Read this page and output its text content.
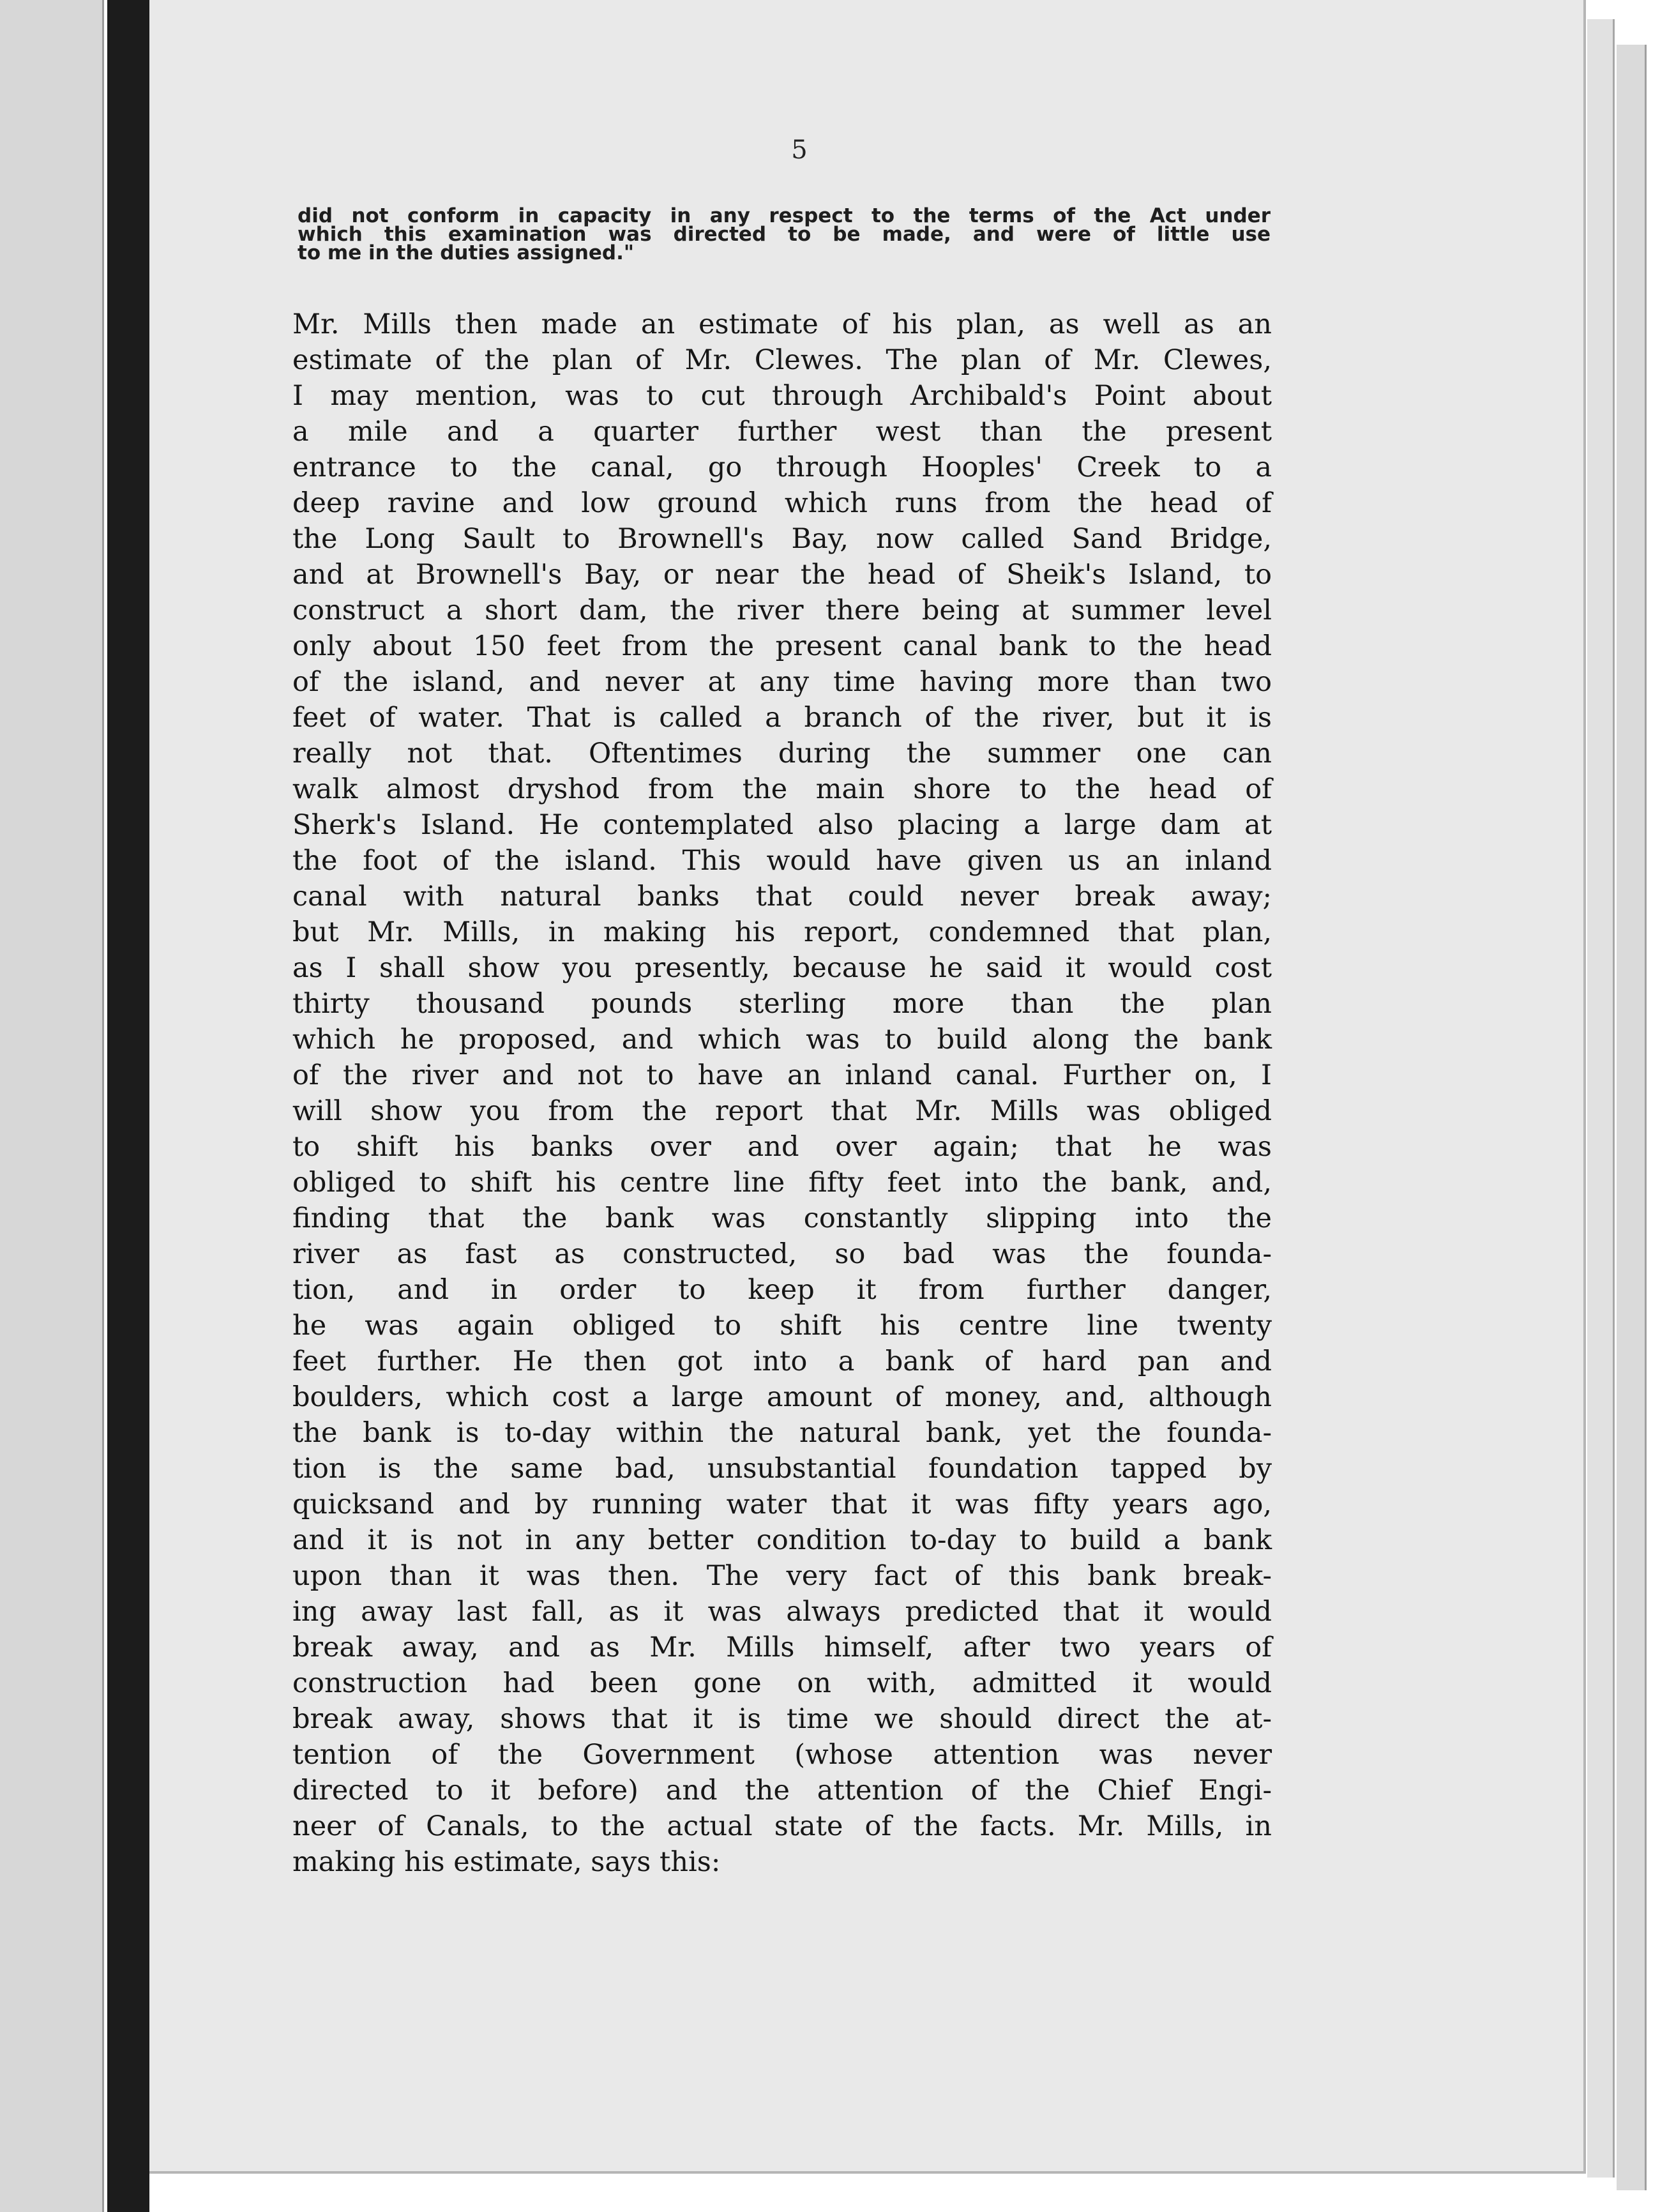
5
did not conform in capacity in any respect to the terms of the Act under
which this examination was directed to be made, and were of little use
to me in the duties assigned."
Mr. Mills then made an estimate of his plan, as well as an
estimate of the plan of Mr. Clewes. The plan of Mr. Clewes,
I may mention, was to cut through Archibald's Point about
a mile and a quarter further west than the present
entrance to the canal, go through Hooples' Creek to a
deep ravine and low ground which runs from the head of
the Long Sault to Brownell's Bay, now called Sand Bridge,
and at Brownell's Bay, or near the head of Sheik's Island, to
construct a short dam, the river there being at summer level
only about 150 feet from the present canal bank to the head
of the island, and never at any time having more than two
feet of water. That is called a branch of the river, but it is
really not that. Oftentimes during the summer one can
walk almost dryshod from the main shore to the head of
Sherk's Island. He contemplated also placing a large dam at
the foot of the island. This would have given us an inland
canal with natural banks that could never break away;
but Mr. Mills, in making his report, condemned that plan,
as I shall show you presently, because he said it would cost
thirty thousand pounds sterling more than the plan
which he proposed, and which was to build along the bank
of the river and not to have an inland canal. Further on, I
will show you from the report that Mr. Mills was obliged
to shift his banks over and over again; that he was
obliged to shift his centre line fifty feet into the bank, and,
finding that the bank was constantly slipping into the
river as fast as constructed, so bad was the founda-
tion, and in order to keep it from further danger,
he was again obliged to shift his centre line twenty
feet further. He then got into a bank of hard pan and
boulders, which cost a large amount of money, and, although
the bank is to-day within the natural bank, yet the founda-
tion is the same bad, unsubstantial foundation tapped by
quicksand and by running water that it was fifty years ago,
and it is not in any better condition to-day to build a bank
upon than it was then. The very fact of this bank break-
ing away last fall, as it was always predicted that it would
break away, and as Mr. Mills himself, after two years of
construction had been gone on with, admitted it would
break away, shows that it is time we should direct the at-
tention of the Government (whose attention was never
directed to it before) and the attention of the Chief Engi-
neer of Canals, to the actual state of the facts. Mr. Mills, in
making his estimate, says this:
